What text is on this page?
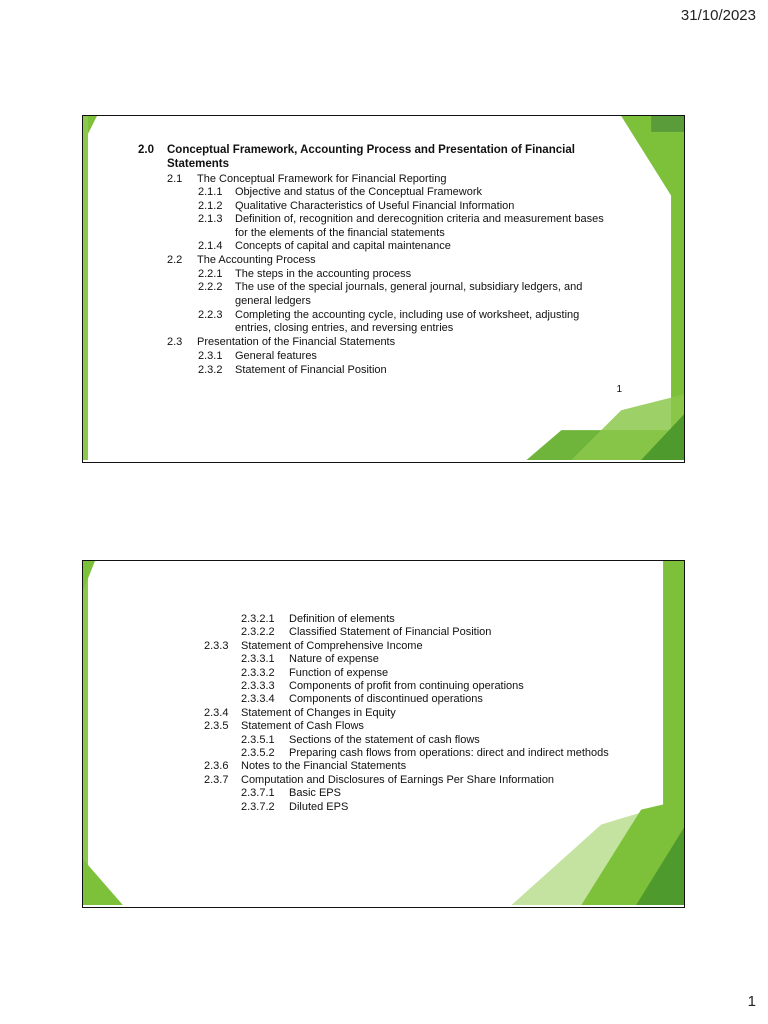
31/10/2023
2.0 Conceptual Framework, Accounting Process and Presentation of Financial
Statements
2.1 The Conceptual Framework for Financial Reporting
2.1.1 Objective and status of the Conceptual Framework
2.1.2 Qualitative Characteristics of Useful Financial Information
2.1.3 Definition of, recognition and derecognition criteria and measurement bases
for the elements of the financial statements
2.1.4 Concepts of capital and capital maintenance
2.2 The Accounting Process
2.2.1 The steps in the accounting process
2.2.2 The use of the special journals, general journal, subsidiary ledgers, and
general ledgers
2.2.3 Completing the accounting cycle, including use of worksheet, adjusting
entries, closing entries, and reversing entries
2.3 Presentation of the Financial Statements
2.3.1 General features
2.3.2 Statement of Financial Position
1
2.3.2.1 Definition of elements
2.3.2.2 Classified Statement of Financial Position
2.3.3 Statement of Comprehensive Income
2.3.3.1 Nature of expense
2.3.3.2 Function of expense
2.3.3.3 Components of profit from continuing operations
2.3.3.4 Components of discontinued operations
2.3.4 Statement of Changes in Equity
2.3.5 Statement of Cash Flows
2.3.5.1 Sections of the statement of cash flows
2.3.5.2 Preparing cash flows from operations: direct and indirect methods
2.3.6 Notes to the Financial Statements
2.3.7 Computation and Disclosures of Earnings Per Share Information
2.3.7.1 Basic EPS
2.3.7.2 Diluted EPS
1
